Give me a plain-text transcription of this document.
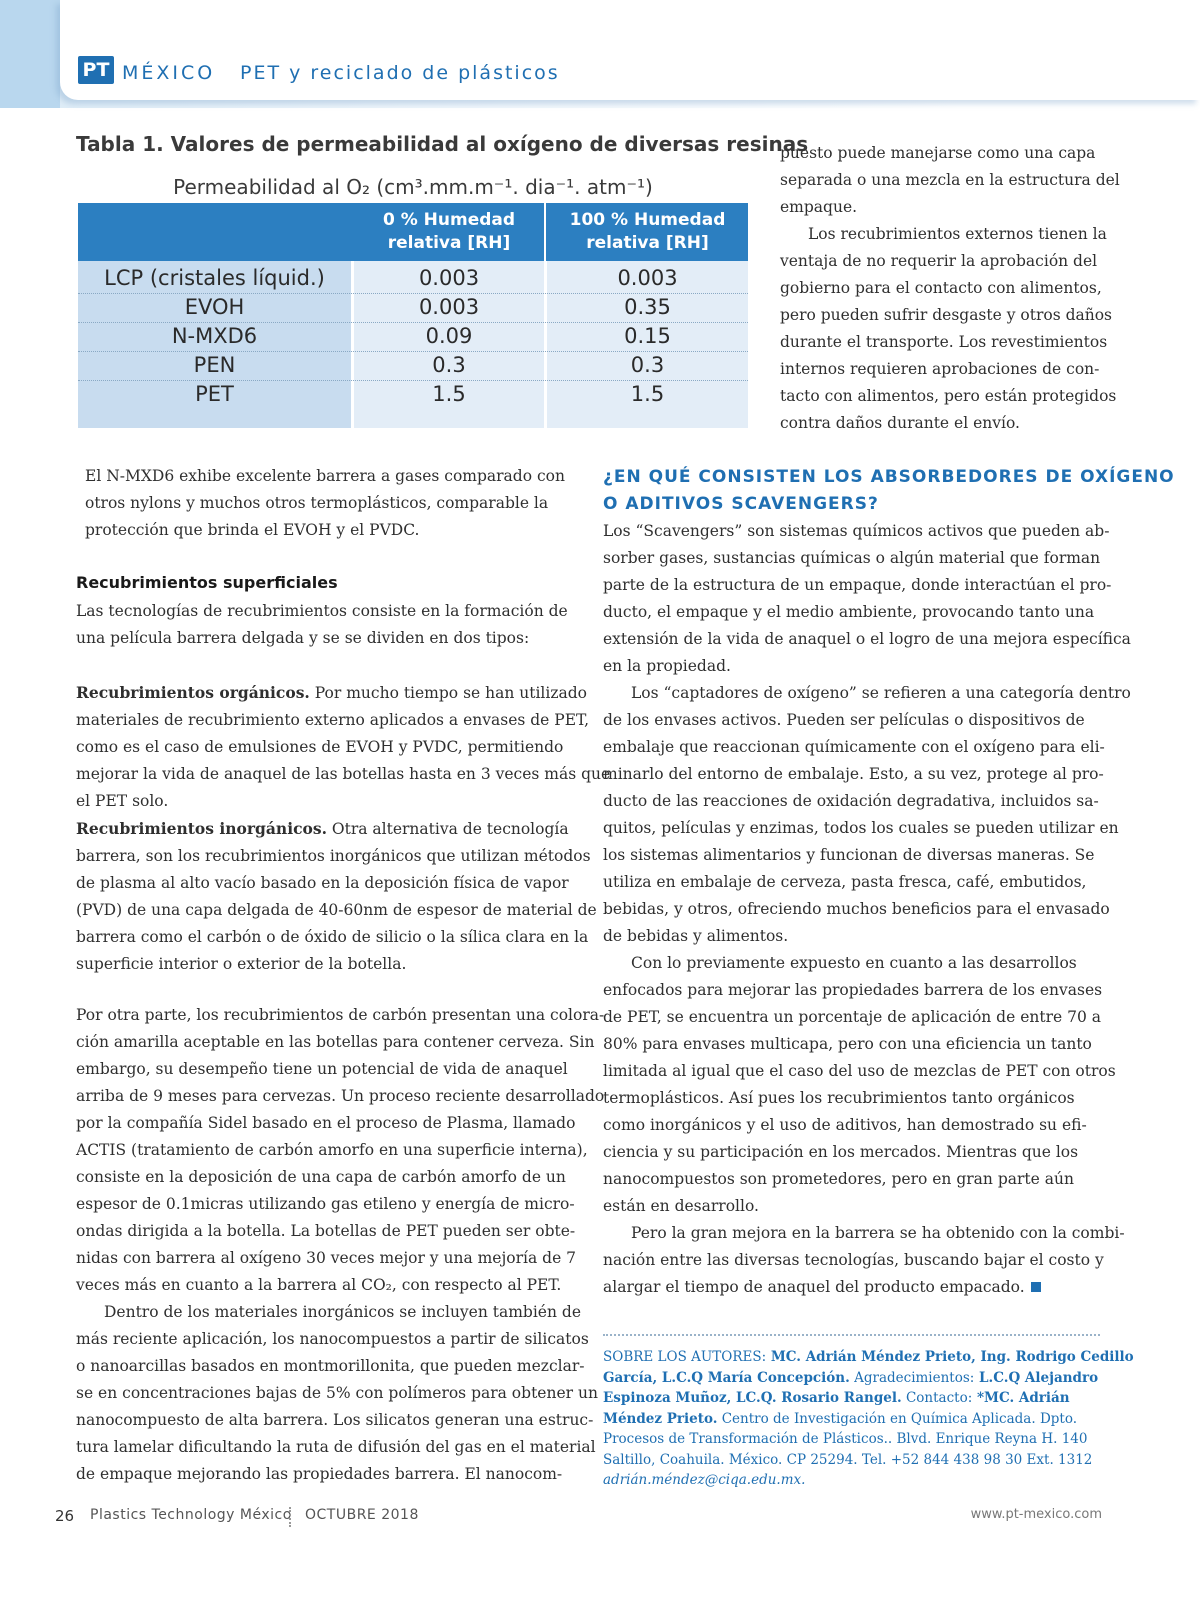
PT MÉXICO PET y reciclado de plásticos
Tabla 1. Valores de permeabilidad al oxígeno de diversas resinas
Permeabilidad al O₂ (cm³.mm.m⁻¹. dia⁻¹. atm⁻¹)
0 % Humedad
relativa [RH]
100 % Humedad
relativa [RH]
LCP (cristales líquid.)	0.003	0.003
EVOH	0.003	0.35
N-MXD6	0.09	0.15
PEN	0.3	0.3
PET	1.5	1.5
puesto puede manejarse como una capa
separada o una mezcla en la estructura del
empaque.
Los recubrimientos externos tienen la
ventaja de no requerir la aprobación del
gobierno para el contacto con alimentos,
pero pueden sufrir desgaste y otros daños
durante el transporte. Los revestimientos
internos requieren aprobaciones de con-
tacto con alimentos, pero están protegidos
contra daños durante el envío.
El N-MXD6 exhibe excelente barrera a gases comparado con
otros nylons y muchos otros termoplásticos, comparable la
protección que brinda el EVOH y el PVDC.
Recubrimientos superficiales
Las tecnologías de recubrimientos consiste en la formación de
una película barrera delgada y se se dividen en dos tipos:
Recubrimientos orgánicos. Por mucho tiempo se han utilizado
materiales de recubrimiento externo aplicados a envases de PET,
como es el caso de emulsiones de EVOH y PVDC, permitiendo
mejorar la vida de anaquel de las botellas hasta en 3 veces más que
el PET solo.
Recubrimientos inorgánicos. Otra alternativa de tecnología
barrera, son los recubrimientos inorgánicos que utilizan métodos
de plasma al alto vacío basado en la deposición física de vapor
(PVD) de una capa delgada de 40-60nm de espesor de material de
barrera como el carbón o de óxido de silicio o la sílica clara en la
superficie interior o exterior de la botella.
Por otra parte, los recubrimientos de carbón presentan una colora-
ción amarilla aceptable en las botellas para contener cerveza. Sin
embargo, su desempeño tiene un potencial de vida de anaquel
arriba de 9 meses para cervezas. Un proceso reciente desarrollado
por la compañía Sidel basado en el proceso de Plasma, llamado
ACTIS (tratamiento de carbón amorfo en una superficie interna),
consiste en la deposición de una capa de carbón amorfo de un
espesor de 0.1micras utilizando gas etileno y energía de micro-
ondas dirigida a la botella. La botellas de PET pueden ser obte-
nidas con barrera al oxígeno 30 veces mejor y una mejoría de 7
veces más en cuanto a la barrera al CO₂, con respecto al PET.
Dentro de los materiales inorgánicos se incluyen también de
más reciente aplicación, los nanocompuestos a partir de silicatos
o nanoarcillas basados en montmorillonita, que pueden mezclar-
se en concentraciones bajas de 5% con polímeros para obtener un
nanocompuesto de alta barrera. Los silicatos generan una estruc-
tura lamelar dificultando la ruta de difusión del gas en el material
de empaque mejorando las propiedades barrera. El nanocom-
¿EN QUÉ CONSISTEN LOS ABSORBEDORES DE OXÍGENO
O ADITIVOS SCAVENGERS?
Los “Scavengers” son sistemas químicos activos que pueden ab-
sorber gases, sustancias químicas o algún material que forman
parte de la estructura de un empaque, donde interactúan el pro-
ducto, el empaque y el medio ambiente, provocando tanto una
extensión de la vida de anaquel o el logro de una mejora específica
en la propiedad.
Los “captadores de oxígeno” se refieren a una categoría dentro
de los envases activos. Pueden ser películas o dispositivos de
embalaje que reaccionan químicamente con el oxígeno para eli-
minarlo del entorno de embalaje. Esto, a su vez, protege al pro-
ducto de las reacciones de oxidación degradativa, incluidos sa-
quitos, películas y enzimas, todos los cuales se pueden utilizar en
los sistemas alimentarios y funcionan de diversas maneras. Se
utiliza en embalaje de cerveza, pasta fresca, café, embutidos,
bebidas, y otros, ofreciendo muchos beneficios para el envasado
de bebidas y alimentos.
Con lo previamente expuesto en cuanto a las desarrollos
enfocados para mejorar las propiedades barrera de los envases
de PET, se encuentra un porcentaje de aplicación de entre 70 a
80% para envases multicapa, pero con una eficiencia un tanto
limitada al igual que el caso del uso de mezclas de PET con otros
termoplásticos. Así pues los recubrimientos tanto orgánicos
como inorgánicos y el uso de aditivos, han demostrado su efi-
ciencia y su participación en los mercados. Mientras que los
nanocompuestos son prometedores, pero en gran parte aún
están en desarrollo.
Pero la gran mejora en la barrera se ha obtenido con la combi-
nación entre las diversas tecnologías, buscando bajar el costo y
alargar el tiempo de anaquel del producto empacado.
SOBRE LOS AUTORES: MC. Adrián Méndez Prieto, Ing. Rodrigo Cedillo
García, L.C.Q María Concepción. Agradecimientos: L.C.Q Alejandro
Espinoza Muñoz, LC.Q. Rosario Rangel. Contacto: *MC. Adrián
Méndez Prieto. Centro de Investigación en Química Aplicada. Dpto.
Procesos de Transformación de Plásticos.. Blvd. Enrique Reyna H. 140
Saltillo, Coahuila. México. CP 25294. Tel. +52 844 438 98 30 Ext. 1312
adrián.méndez@ciqa.edu.mx.
26 Plastics Technology México OCTUBRE 2018	www.pt-mexico.com
